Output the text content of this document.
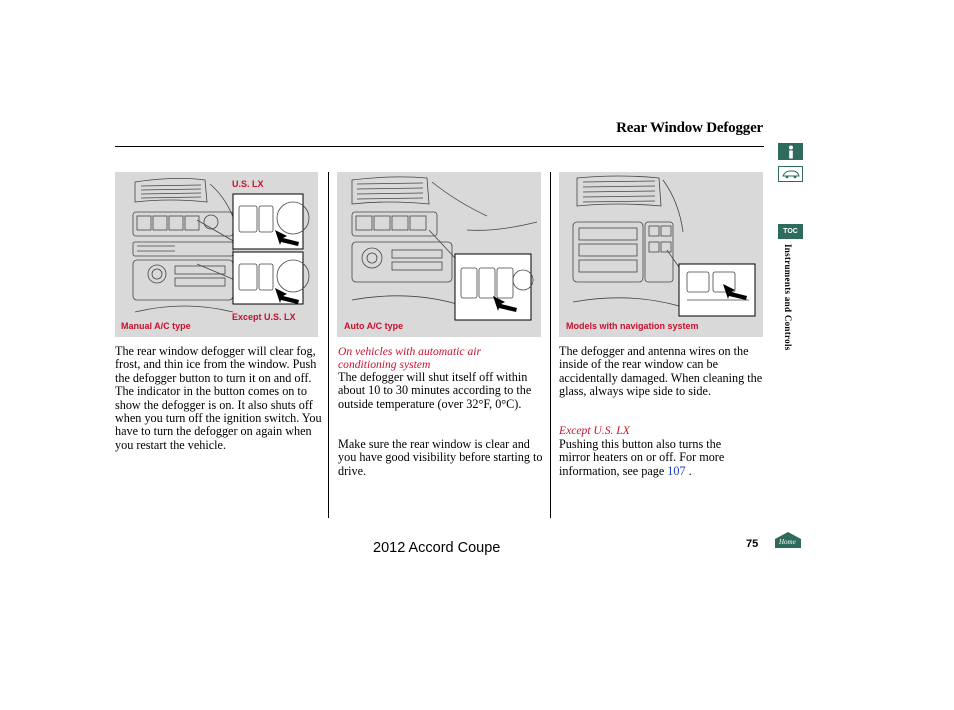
Rear Window Defogger
U.S. LX
Except U.S. LX
Manual A/C type	Auto A/C type	Models with navigation system
The rear window defogger will clear fog, frost, and thin ice from the window. Push the defogger button to turn it on and off. The indicator in the button comes on to show the defogger is on. It also shuts off when you turn off the ignition switch. You have to turn the defogger on again when you restart the vehicle.
On vehicles with automatic air conditioning system
The defogger will shut itself off within about 10 to 30 minutes according to the outside temperature (over 32°F, 0°C).
Make sure the rear window is clear and you have good visibility before starting to drive.
The defogger and antenna wires on the inside of the rear window can be accidentally damaged. When cleaning the glass, always wipe side to side.
Except U.S. LX
Pushing this button also turns the
mirror heaters on or off. For more
information, see page 107 .
2012 Accord Coupe	75
TOC
Instruments and Controls
Home
